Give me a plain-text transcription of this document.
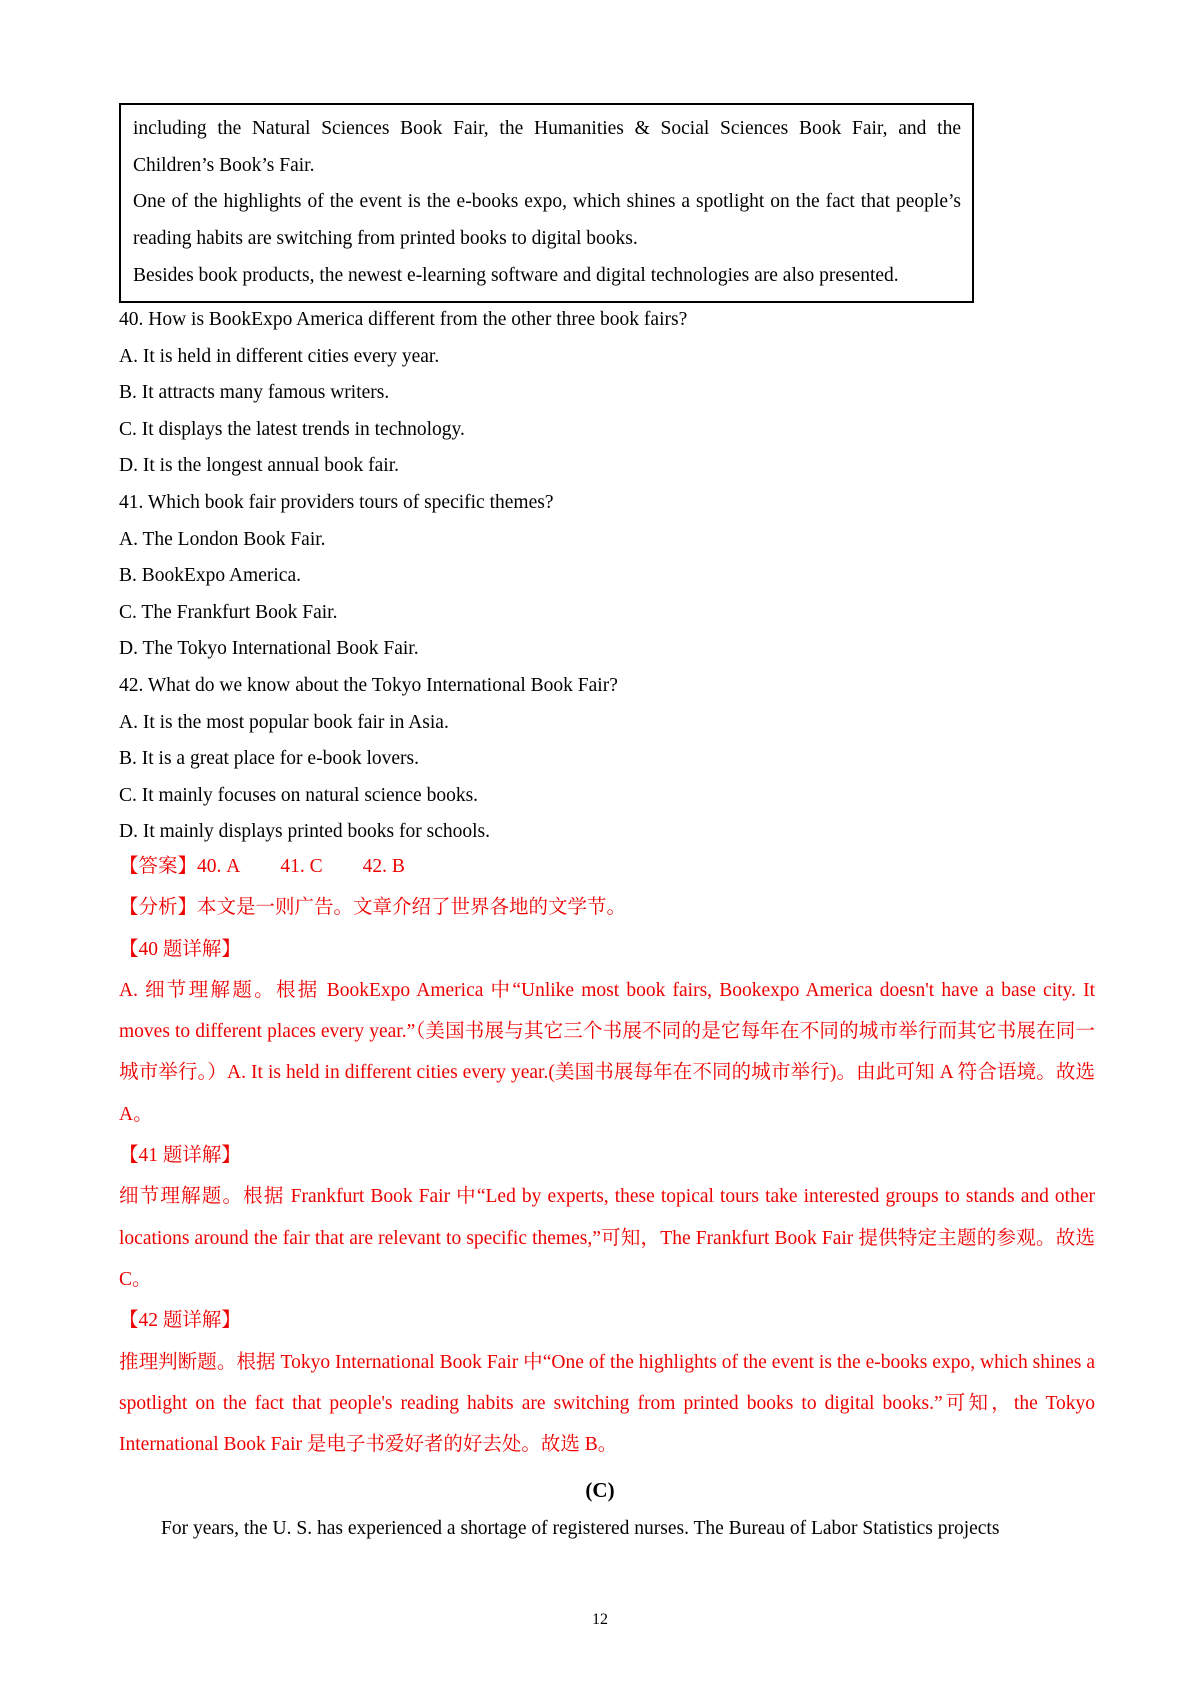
including the Natural Sciences Book Fair, the Humanities & Social Sciences Book Fair, and the Children’s Book’s Fair.

One of the highlights of the event is the e-books expo, which shines a spotlight on the fact that people’s reading habits are switching from printed books to digital books.

Besides book products, the newest e-learning software and digital technologies are also presented.

40. How is BookExpo America different from the other three book fairs?

A. It is held in different cities every year.

B. It attracts many famous writers.

C. It displays the latest trends in technology.

D. It is the longest annual book fair.

41. Which book fair providers tours of specific themes?

A. The London Book Fair.

B. BookExpo America.

C. The Frankfurt Book Fair.

D. The Tokyo International Book Fair.

42. What do we know about the Tokyo International Book Fair?

A. It is the most popular book fair in Asia.

B. It is a great place for e-book lovers.

C. It mainly focuses on natural science books.

D. It mainly displays printed books for schools.

【答案】40. A 41. C 42. B

【分析】本文是一则广告。文章介绍了世界各地的文学节。

【40 题详解】

A. 细节理解题。根据 BookExpo America 中“Unlike most book fairs, Bookexpo America doesn't have a base city. It moves to different places every year.”（美国书展与其它三个书展不同的是它每年在不同的城市举行而其它书展在同一城市举行。）A. It is held in different cities every year.(美国书展每年在不同的城市举行)。由此可知 A 符合语境。故选 A。

【41 题详解】

细节理解题。根据 Frankfurt Book Fair 中“Led by experts, these topical tours take interested groups to stands and other locations around the fair that are relevant to specific themes,”可知，The Frankfurt Book Fair 提供特定主题的参观。故选 C。

【42 题详解】

推理判断题。根据 Tokyo International Book Fair 中“One of the highlights of the event is the e-books expo, which shines a spotlight on the fact that people's reading habits are switching from printed books to digital books.”可知，the Tokyo International Book Fair 是电子书爱好者的好去处。故选 B。

(C)
For years, the U. S. has experienced a shortage of registered nurses. The Bureau of Labor Statistics projects
12
